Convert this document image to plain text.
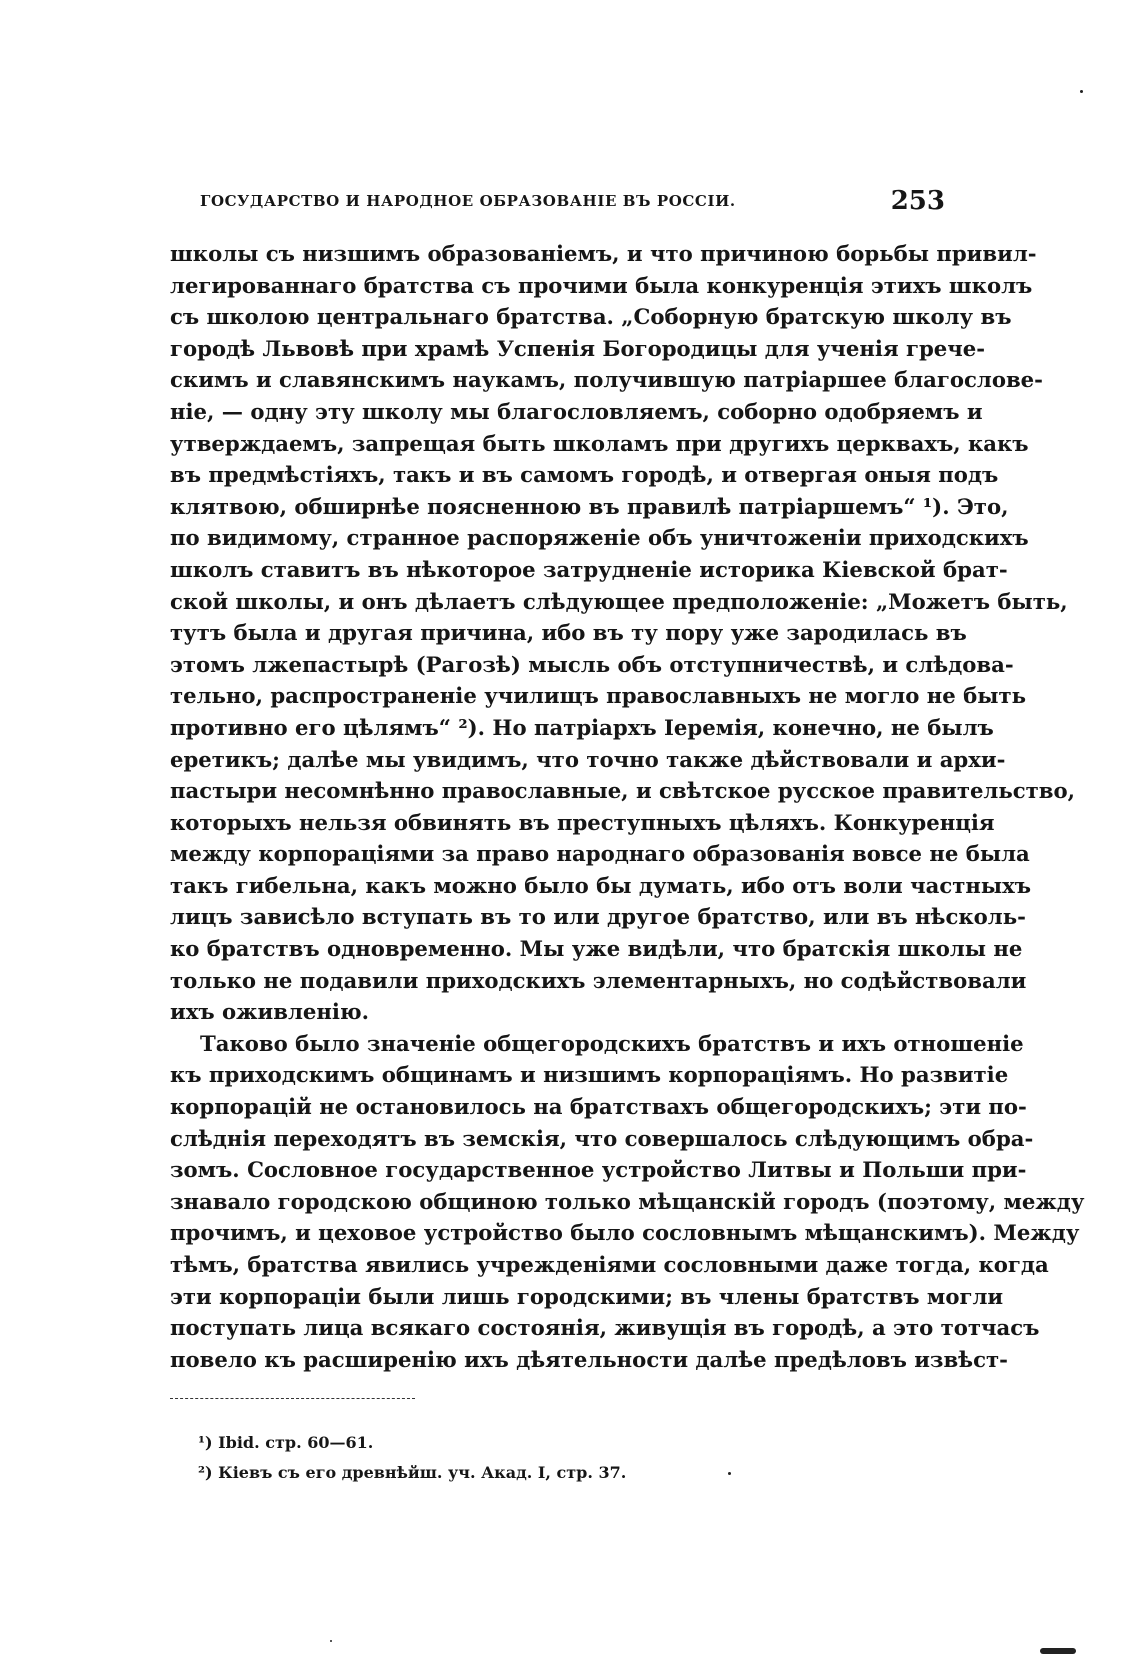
ГОСУДАРСТВО И НАРОДНОЕ ОБРАЗОВАНІЕ ВЪ РОССІИ.	253
школы съ низшимъ образованіемъ, и что причиною борьбы привил-
легированнаго братства съ прочими была конкуренція этихъ школъ
съ школою центральнаго братства. „Соборную братскую школу въ
городѣ Львовѣ при храмѣ Успенія Богородицы для ученія грече-
скимъ и славянскимъ наукамъ, получившую патріаршее благослове-
ніе, — одну эту школу мы благословляемъ, соборно одобряемъ и
утверждаемъ, запрещая быть школамъ при другихъ церквахъ, какъ
въ предмѣстіяхъ, такъ и въ самомъ городѣ, и отвергая оныя подъ
клятвою, обширнѣе поясненною въ правилѣ патріаршемъ“ ¹). Это,
по видимому, странное распоряженіе объ уничтоженіи приходскихъ
школъ ставитъ въ нѣкоторое затрудненіе историка Кіевской брат-
ской школы, и онъ дѣлаетъ слѣдующее предположеніе: „Можетъ быть,
тутъ была и другая причина, ибо въ ту пору уже зародилась въ
этомъ лжепастырѣ (Рагозѣ) мысль объ отступничествѣ, и слѣдова-
тельно, распространеніе училищъ православныхъ не могло не быть
противно его цѣлямъ“ ²). Но патріархъ Іеремія, конечно, не былъ
еретикъ; далѣе мы увидимъ, что точно также дѣйствовали и архи-
пастыри несомнѣнно православные, и свѣтское русское правительство,
которыхъ нельзя обвинять въ преступныхъ цѣляхъ. Конкуренція
между корпораціями за право народнаго образованія вовсе не была
такъ гибельна, какъ можно было бы думать, ибо отъ воли частныхъ
лицъ зависѣло вступать въ то или другое братство, или въ нѣсколь-
ко братствъ одновременно. Мы уже видѣли, что братскія школы не
только не подавили приходскихъ элементарныхъ, но содѣйствовали
ихъ оживленію.
Таково было значеніе общегородскихъ братствъ и ихъ отношеніе
къ приходскимъ общинамъ и низшимъ корпораціямъ. Но развитіе
корпорацій не остановилось на братствахъ общегородскихъ; эти по-
слѣднія переходятъ въ земскія, что совершалось слѣдующимъ обра-
зомъ. Сословное государственное устройство Литвы и Польши при-
знавало городскою общиною только мѣщанскій городъ (поэтому, между
прочимъ, и цеховое устройство было сословнымъ мѣщанскимъ). Между
тѣмъ, братства явились учрежденіями сословными даже тогда, когда
эти корпораціи были лишь городскими; въ члены братствъ могли
поступать лица всякаго состоянія, живущія въ городѣ, а это тотчасъ
повело къ расширенію ихъ дѣятельности далѣе предѣловъ извѣст-
¹) Ibid. стр. 60—61.
²) Кіевъ съ его древнѣйш. уч. Акад. I, стр. 37.
